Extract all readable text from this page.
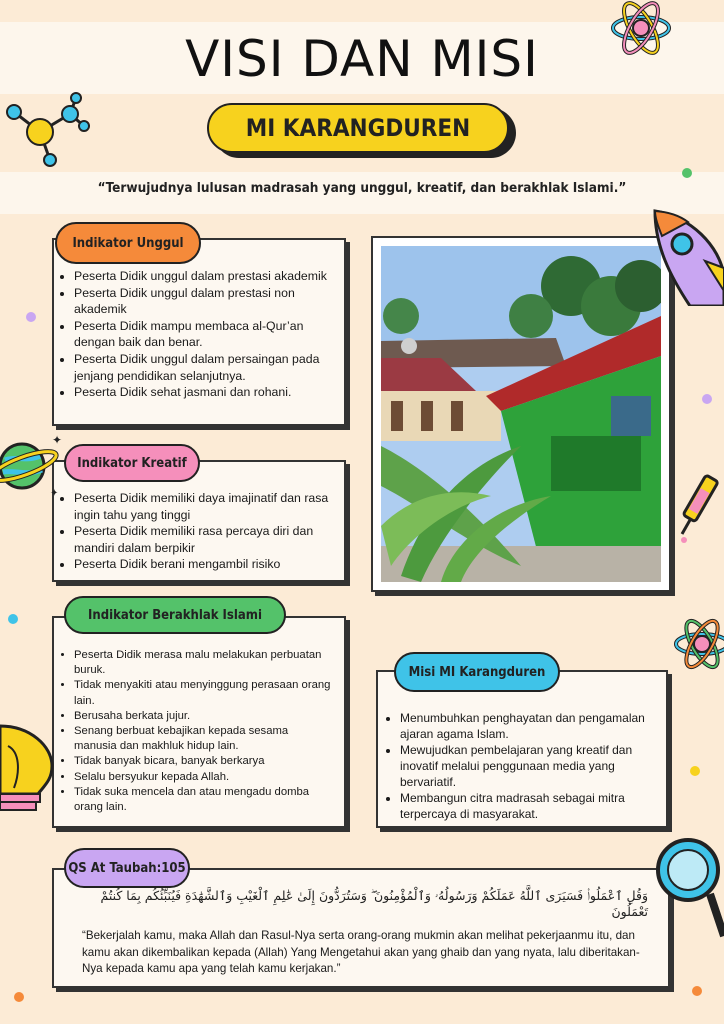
VISI DAN MISI
MI KARANGDUREN
“Terwujudnya lulusan madrasah yang unggul, kreatif, dan berakhlak Islami.”
• Peserta Didik unggul dalam prestasi akademik
• Peserta Didik unggul dalam prestasi non akademik
• Peserta Didik mampu membaca al-Qur’an dengan baik dan benar.
• Peserta Didik unggul dalam persaingan pada jenjang pendidikan selanjutnya.
• Peserta Didik sehat jasmani dan rohani.
Indikator Unggul
• Peserta Didik memiliki daya imajinatif dan rasa ingin tahu yang tinggi
• Peserta Didik memiliki rasa percaya diri dan mandiri dalam berpikir
• Peserta Didik berani mengambil risiko
Indikator Kreatif
• Peserta Didik merasa malu melakukan perbuatan buruk.
• Tidak menyakiti atau menyinggung perasaan orang lain.
• Berusaha berkata jujur.
• Senang berbuat kebajikan kepada sesama manusia dan makhluk hidup lain.
• Tidak banyak bicara, banyak berkarya
• Selalu bersyukur kepada Allah.
• Tidak suka mencela dan atau mengadu domba orang lain.
Indikator Berakhlak Islami
• Menumbuhkan penghayatan dan pengamalan ajaran agama Islam.
• Mewujudkan pembelajaran yang kreatif dan inovatif melalui penggunaan media yang bervariatif.
• Membangun citra madrasah sebagai mitra terpercaya di masyarakat.
Misi MI Karangduren
QS At Taubah:105
وَقُلِ ٱعْمَلُوا۟ فَسَيَرَى ٱللَّهُ عَمَلَكُمْ وَرَسُولُهُۥ وَٱلْمُؤْمِنُونَ ۖ وَسَتُرَدُّونَ إِلَىٰ عَٰلِمِ ٱلْغَيْبِ وَٱلشَّهَٰدَةِ فَيُنَبِّئُكُم بِمَا كُنتُمْ تَعْمَلُونَ
“Bekerjalah kamu, maka Allah dan Rasul-Nya serta orang-orang mukmin akan melihat pekerjaanmu itu, dan kamu akan dikembalikan kepada (Allah) Yang Mengetahui akan yang ghaib dan yang nyata, lalu diberitakan-Nya kepada kamu apa yang telah kamu kerjakan.”
✦
✦
